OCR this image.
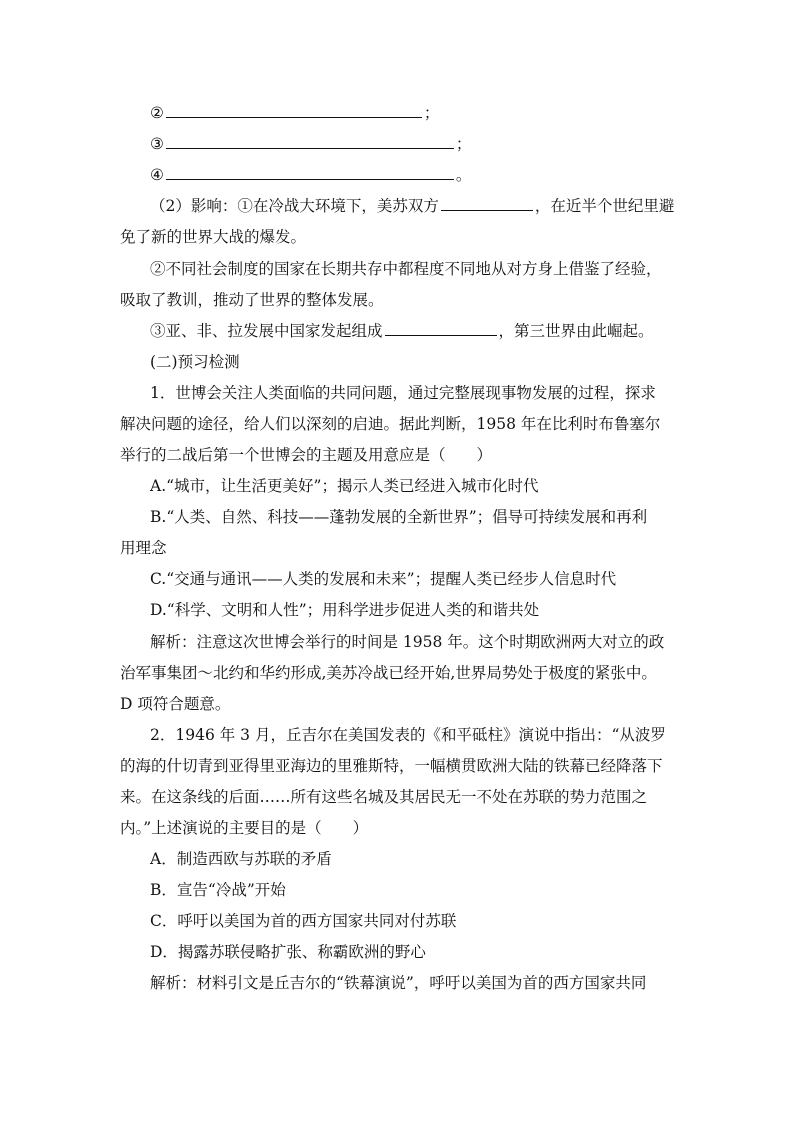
②	；
③	；
④	。
（2）影响：①在冷战大环境下，美苏双方	，在近半个世纪里避
免了新的世界大战的爆发。
②不同社会制度的国家在长期共存中都程度不同地从对方身上借鉴了经验，
吸取了教训，推动了世界的整体发展。
③亚、非、拉发展中国家发起组成	，第三世界由此崛起。
(二)预习检测
1．世博会关注人类面临的共同问题，通过完整展现事物发展的过程，探求
解决问题的途径，给人们以深刻的启迪。据此判断，1958 年在比利时布鲁塞尔
举行的二战后第一个世博会的主题及用意应是（　　）
A.“城市，让生活更美好”；揭示人类已经进入城市化时代
B.“人类、自然、科技——蓬勃发展的全新世界”；倡导可持续发展和再利
用理念
C.“交通与通讯——人类的发展和未来”；提醒人类已经步人信息时代
D.“科学、文明和人性”；用科学进步促进人类的和谐共处
解析：注意这次世博会举行的时间是 1958 年。这个时期欧洲两大对立的政
治军事集团～北约和华约形成,美苏冷战已经开始,世界局势处于极度的紧张中。
D 项符合题意。
2．1946 年 3 月，丘吉尔在美国发表的《和平砥柱》演说中指出：“从波罗
的海的什切青到亚得里亚海边的里雅斯特，一幅横贯欧洲大陆的铁幕已经降落下
来。在这条线的后面……所有这些名城及其居民无一不处在苏联的势力范围之
内。”上述演说的主要目的是（　　）
A．制造西欧与苏联的矛盾
B．宣告“冷战”开始
C．呼吁以美国为首的西方国家共同对付苏联
D．揭露苏联侵略扩张、称霸欧洲的野心
解析：材料引文是丘吉尔的“铁幕演说”，呼吁以美国为首的西方国家共同
